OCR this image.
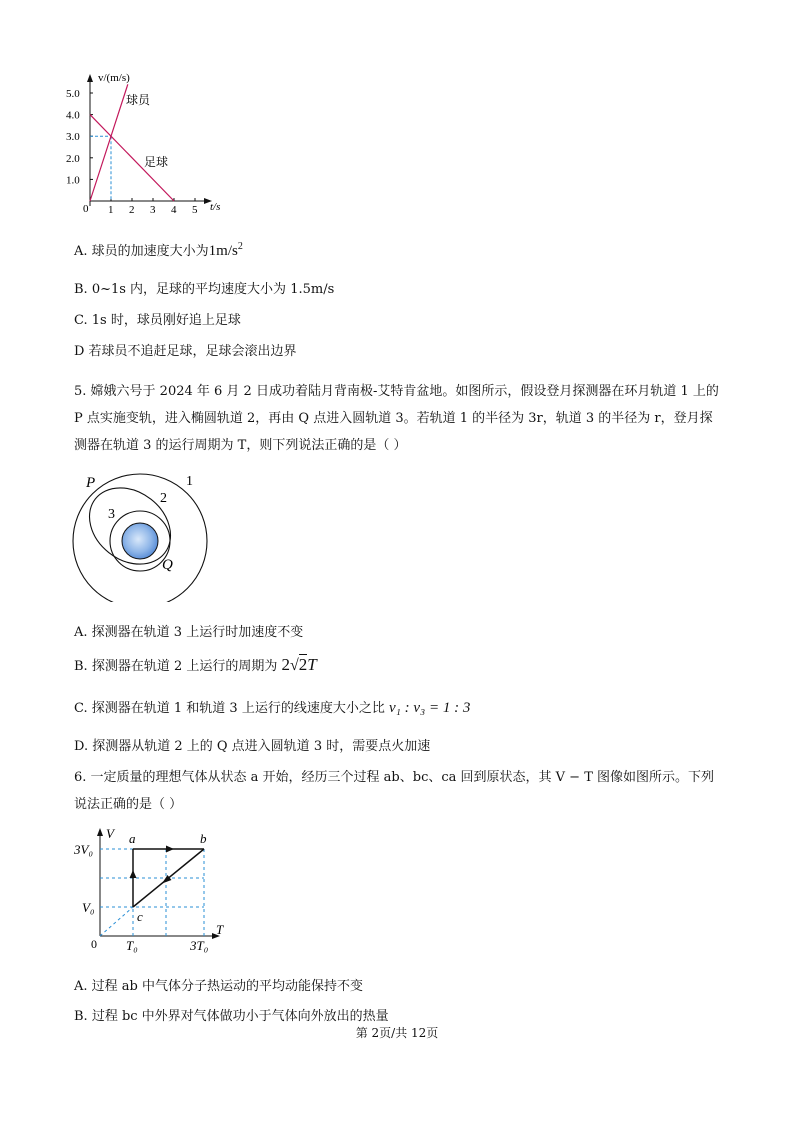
5.0
4.0
3.0
2.0
1.0
1 2 3 4 5
v/(m/s)
t/s
0
球员
足球
A. 球员的加速度大小为$1m/s^2$
B. 0~1s 内，足球的平均速度大小为 1.5m/s
C. 1s 时，球员刚好追上足球
D 若球员不追赶足球，足球会滚出边界

5. 嫦娥六号于 2024 年 6 月 2 日成功着陆月背南极-艾特肯盆地。如图所示，假设登月探测器在环月轨道 1 上的 P 点实施变轨，进入椭圆轨道 2，再由 Q 点进入圆轨道 3。若轨道 1 的半径为 3r，轨道 3 的半径为 r，登月探测器在轨道 3 的运行周期为 T，则下列说法正确的是（ ）

P	1
2
3
Q
A. 探测器在轨道 3 上运行时加速度不变
B. 探测器在轨道 2 上运行的周期为 2√2T
C. 探测器在轨道 1 和轨道 3 上运行的线速度大小之比 v₁ : v₃ = 1 : 3
D. 探测器从轨道 2 上的 Q 点进入圆轨道 3 时，需要点火加速

6. 一定质量的理想气体从状态 a 开始，经历三个过程 ab、bc、ca 回到原状态，其 V − T 图像如图所示。下列说法正确的是（ ）

V
T
0
3V₀
V₀
T₀	3T₀
a	b
c
A. 过程 ab 中气体分子热运动的平均动能保持不变
B. 过程 bc 中外界对气体做功小于气体向外放出的热量
第 2页/共 12页
